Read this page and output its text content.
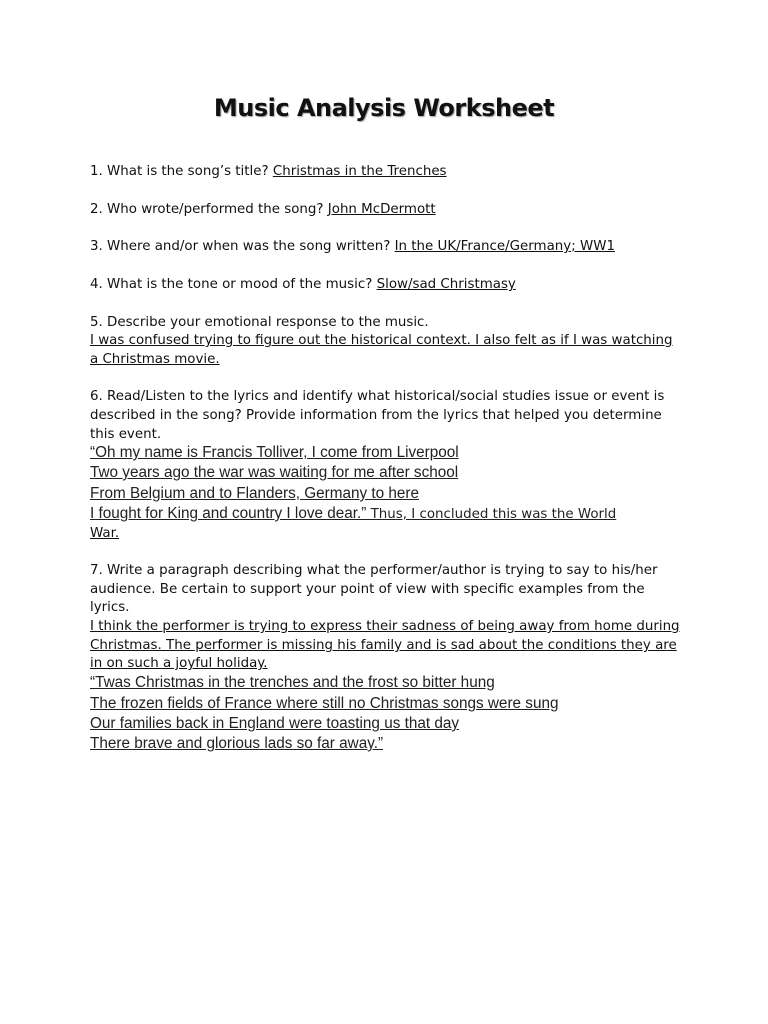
Music Analysis Worksheet
1. What is the song’s title? Christmas in the Trenches
2. Who wrote/performed the song? John McDermott
3. Where and/or when was the song written? In the UK/France/Germany; WW1
4. What is the tone or mood of the music? Slow/sad Christmasy
5. Describe your emotional response to the music.
I was confused trying to figure out the historical context. I also felt as if I was watching
a Christmas movie.
6. Read/Listen to the lyrics and identify what historical/social studies issue or event is
described in the song? Provide information from the lyrics that helped you determine
this event.
“Oh my name is Francis Tolliver, I come from Liverpool
Two years ago the war was waiting for me after school
From Belgium and to Flanders, Germany to here
I fought for King and country I love dear.” Thus, I concluded this was the World
War.
7. Write a paragraph describing what the performer/author is trying to say to his/her
audience. Be certain to support your point of view with specific examples from the
lyrics.
I think the performer is trying to express their sadness of being away from home during
Christmas. The performer is missing his family and is sad about the conditions they are
in on such a joyful holiday.
“Twas Christmas in the trenches and the frost so bitter hung
The frozen fields of France where still no Christmas songs were sung
Our families back in England were toasting us that day
There brave and glorious lads so far away.”
